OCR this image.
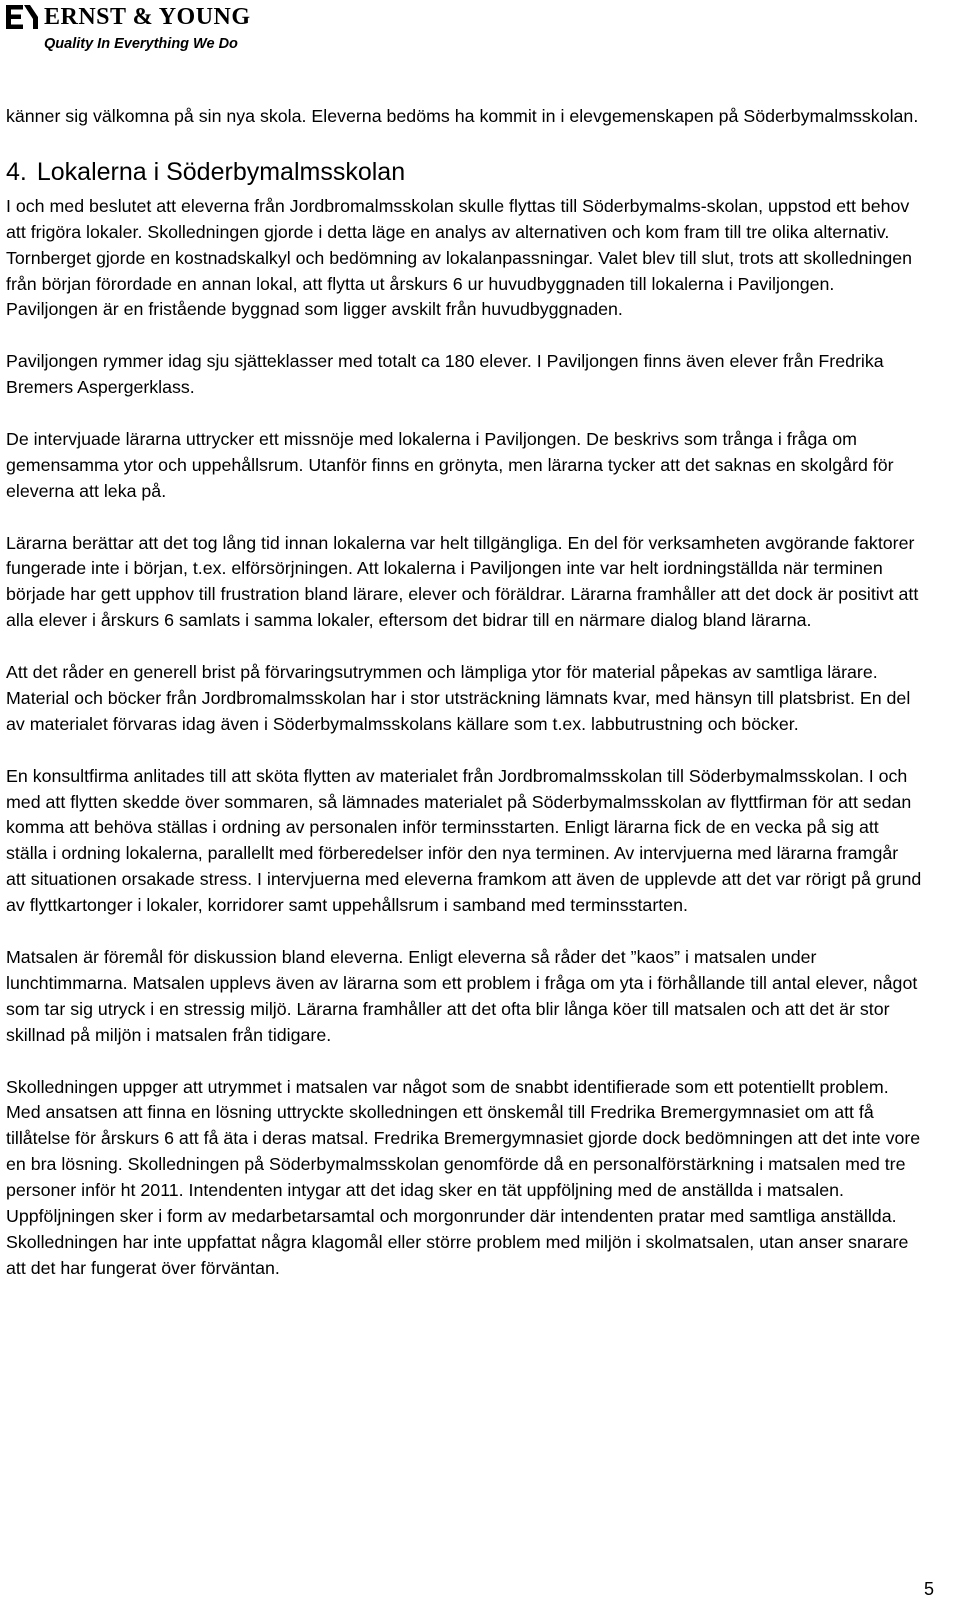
ERNST & YOUNG
Quality In Everything We Do

känner sig välkomna på sin nya skola. Eleverna bedöms ha kommit in i elevgemenskapen på Söderbymalmsskolan.

4. Lokalerna i Söderbymalmsskolan

I och med beslutet att eleverna från Jordbromalmsskolan skulle flyttas till Söderbymalms-skolan, uppstod ett behov att frigöra lokaler. Skolledningen gjorde i detta läge en analys av alternativen och kom fram till tre olika alternativ. Tornberget gjorde en kostnadskalkyl och bedömning av lokalanpassningar. Valet blev till slut, trots att skolledningen från början förordade en annan lokal, att flytta ut årskurs 6 ur huvudbyggnaden till lokalerna i Paviljongen. Paviljongen är en fristående byggnad som ligger avskilt från huvudbyggnaden.

Paviljongen rymmer idag sju sjätteklasser med totalt ca 180 elever. I Paviljongen finns även elever från Fredrika Bremers Aspergerklass.

De intervjuade lärarna uttrycker ett missnöje med lokalerna i Paviljongen. De beskrivs som trånga i fråga om gemensamma ytor och uppehållsrum. Utanför finns en grönyta, men lärarna tycker att det saknas en skolgård för eleverna att leka på.

Lärarna berättar att det tog lång tid innan lokalerna var helt tillgängliga. En del för verksamheten avgörande faktorer fungerade inte i början, t.ex. elförsörjningen. Att lokalerna i Paviljongen inte var helt iordningställda när terminen började har gett upphov till frustration bland lärare, elever och föräldrar. Lärarna framhåller att det dock är positivt att alla elever i årskurs 6 samlats i samma lokaler, eftersom det bidrar till en närmare dialog bland lärarna.

Att det råder en generell brist på förvaringsutrymmen och lämpliga ytor för material påpekas av samtliga lärare. Material och böcker från Jordbromalmsskolan har i stor utsträckning lämnats kvar, med hänsyn till platsbrist. En del av materialet förvaras idag även i Söderbymalmsskolans källare som t.ex. labbutrustning och böcker.

En konsultfirma anlitades till att sköta flytten av materialet från Jordbromalmsskolan till Söderbymalmsskolan. I och med att flytten skedde över sommaren, så lämnades materialet på Söderbymalmsskolan av flyttfirman för att sedan komma att behöva ställas i ordning av personalen inför terminsstarten. Enligt lärarna fick de en vecka på sig att ställa i ordning lokalerna, parallellt med förberedelser inför den nya terminen. Av intervjuerna med lärarna framgår att situationen orsakade stress. I intervjuerna med eleverna framkom att även de upplevde att det var rörigt på grund av flyttkartonger i lokaler, korridorer samt uppehållsrum i samband med terminsstarten.

Matsalen är föremål för diskussion bland eleverna. Enligt eleverna så råder det ”kaos” i matsalen under lunchtimmarna. Matsalen upplevs även av lärarna som ett problem i fråga om yta i förhållande till antal elever, något som tar sig utryck i en stressig miljö. Lärarna framhåller att det ofta blir långa köer till matsalen och att det är stor skillnad på miljön i matsalen från tidigare.

Skolledningen uppger att utrymmet i matsalen var något som de snabbt identifierade som ett potentiellt problem. Med ansatsen att finna en lösning uttryckte skolledningen ett önskemål till Fredrika Bremergymnasiet om att få tillåtelse för årskurs 6 att få äta i deras matsal. Fredrika Bremergymnasiet gjorde dock bedömningen att det inte vore en bra lösning. Skolledningen på Söderbymalmsskolan genomförde då en personalförstärkning i matsalen med tre personer inför ht 2011. Intendenten intygar att det idag sker en tät uppföljning med de anställda i matsalen. Uppföljningen sker i form av medarbetarsamtal och morgonrunder där intendenten pratar med samtliga anställda. Skolledningen har inte uppfattat några klagomål eller större problem med miljön i skolmatsalen, utan anser snarare att det har fungerat över förväntan.

5
